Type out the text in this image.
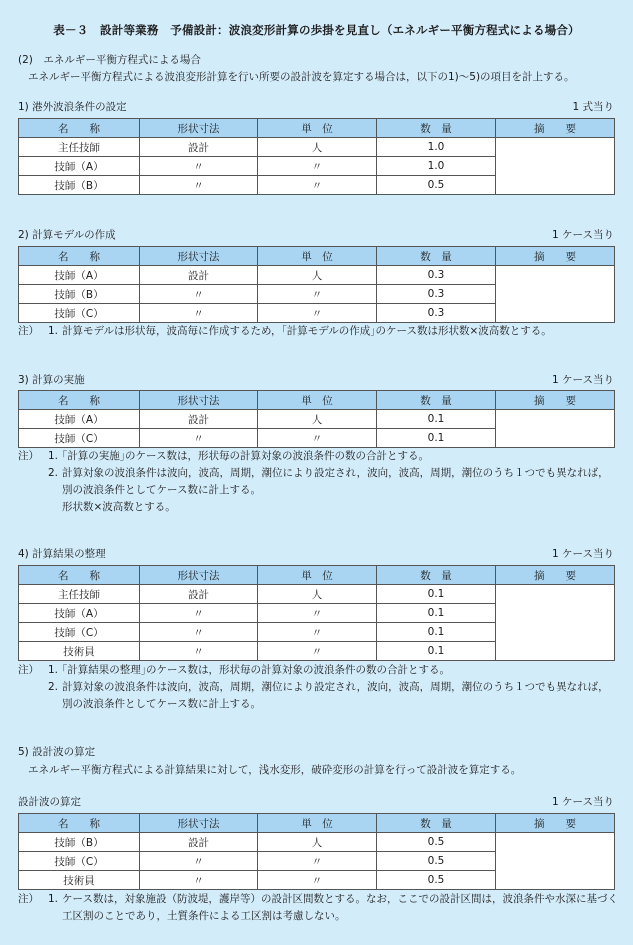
表－３　設計等業務　予備設計：波浪変形計算の歩掛を見直し（エネルギー平衡方程式による場合）
(2)　エネルギー平衡方程式による場合
エネルギー平衡方程式による波浪変形計算を行い所要の設計波を算定する場合は，以下の1)～5)の項目を計上する。
1) 港外波浪条件の設定	1 式当り
名　　称	形状寸法	単　位	数　量	摘　　要
主任技師	設計	人	1.0	
技師（A）	〃	〃	1.0	
技師（B）	〃	〃	0.5	
2) 計算モデルの作成	1 ケース当り
名　　称	形状寸法	単　位	数　量	摘　　要
技師（A）	設計	人	0.3	
技師（B）	〃	〃	0.3	
技師（C）	〃	〃	0.3	
注） 1. 計算モデルは形状毎，波高毎に作成するため，｢計算モデルの作成｣のケース数は形状数×波高数とする。
3) 計算の実施	1 ケース当り
名　　称	形状寸法	単　位	数　量	摘　　要
技師（A）	設計	人	0.1	
技師（C）	〃	〃	0.1	
注） 1. ｢計算の実施｣のケース数は，形状毎の計算対象の波浪条件の数の合計とする。
2. 計算対象の波浪条件は波向，波高，周期，潮位により設定され，波向，波高，周期，潮位のうち１つでも異なれば，別の波浪条件としてケース数に計上する。
形状数×波高数とする。
4) 計算結果の整理	1 ケース当り
名　　称	形状寸法	単　位	数　量	摘　　要
主任技師	設計	人	0.1	
技師（A）	〃	〃	0.1	
技師（C）	〃	〃	0.1	
技術員	〃	〃	0.1	
注） 1. ｢計算結果の整理｣のケース数は，形状毎の計算対象の波浪条件の数の合計とする。
2. 計算対象の波浪条件は波向，波高，周期，潮位により設定され，波向，波高，周期，潮位のうち１つでも異なれば，別の波浪条件としてケース数に計上する。
5) 設計波の算定
エネルギー平衡方程式による計算結果に対して，浅水変形，破砕変形の計算を行って設計波を算定する。
設計波の算定	1 ケース当り
名　　称	形状寸法	単　位	数　量	摘　　要
技師（B）	設計	人	0.5	
技師（C）	〃	〃	0.5	
技術員	〃	〃	0.5	
注） 1. ケース数は，対象施設（防波堤，護岸等）の設計区間数とする。なお，ここでの設計区間は，波浪条件や水深に基づく工区割のことであり，土質条件による工区割は考慮しない。
